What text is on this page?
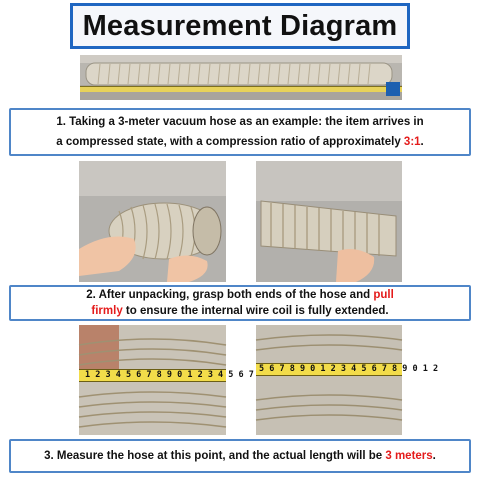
Measurement Diagram
1. Taking a 3-meter vacuum hose as an example: the item arrives in
a compressed state, with a compression ratio of approximately 3:1.
2. After unpacking, grasp both ends of the hose and pull
firmly to ensure the internal wire coil is fully extended.
1 2 3 4 5 6 7 8 9 0 1 2 3 4 5 6 7
5 6 7 8 9 0 1 2 3 4 5 6 7 8 9 0 1 2
3. Measure the hose at this point, and the actual length will be 3 meters.
